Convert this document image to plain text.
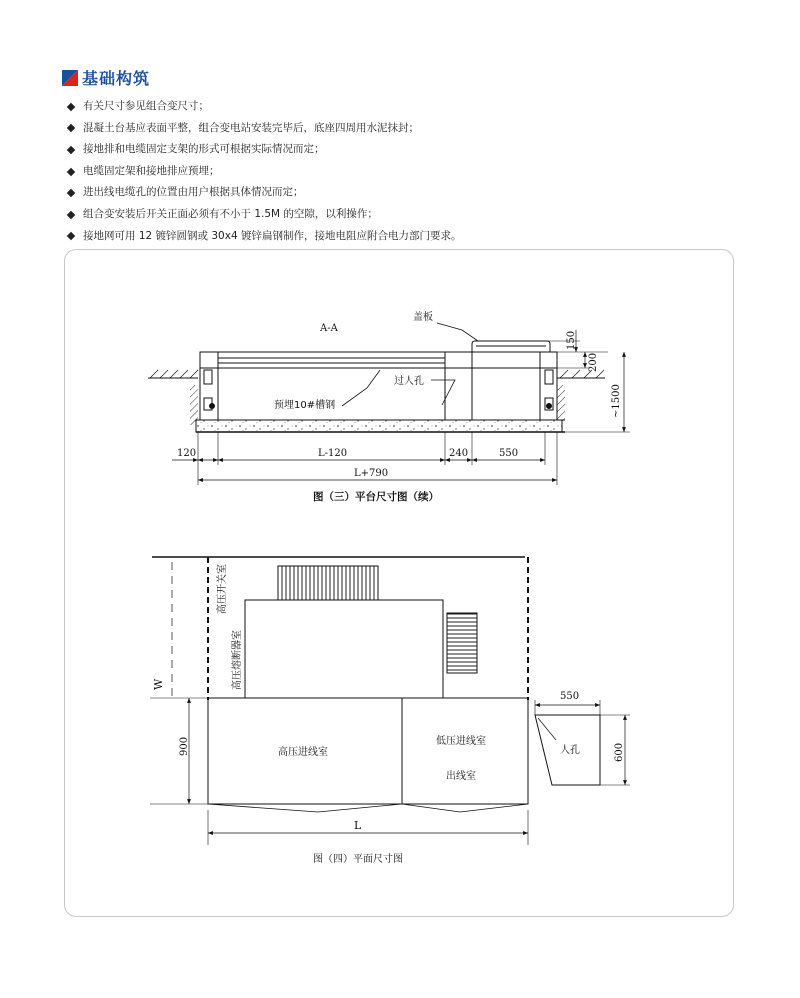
基础构筑
有关尺寸参见组合变尺寸；
混凝土台基应表面平整，组合变电站安装完毕后，底座四周用水泥抹封；
接地排和电缆固定支架的形式可根据实际情况而定；
电缆固定架和接地排应预埋；
进出线电缆孔的位置由用户根据具体情况而定；
组合变安装后开关正面必须有不小于 1.5M 的空隙，以利操作；
接地网可用 12 镀锌圆钢或 30x4 镀锌扁钢制作，接地电阻应附合电力部门要求。
A-A
盖板
过人孔
预埋10#槽钢
120	L-120	240	550
L+790
150
200
~1500
图（三）平台尺寸图（续）
高压开关室
高压熔断器室
高压进线室
低压进线室
出线室
人孔
W
900
L
550
600
图（四）平面尺寸图
